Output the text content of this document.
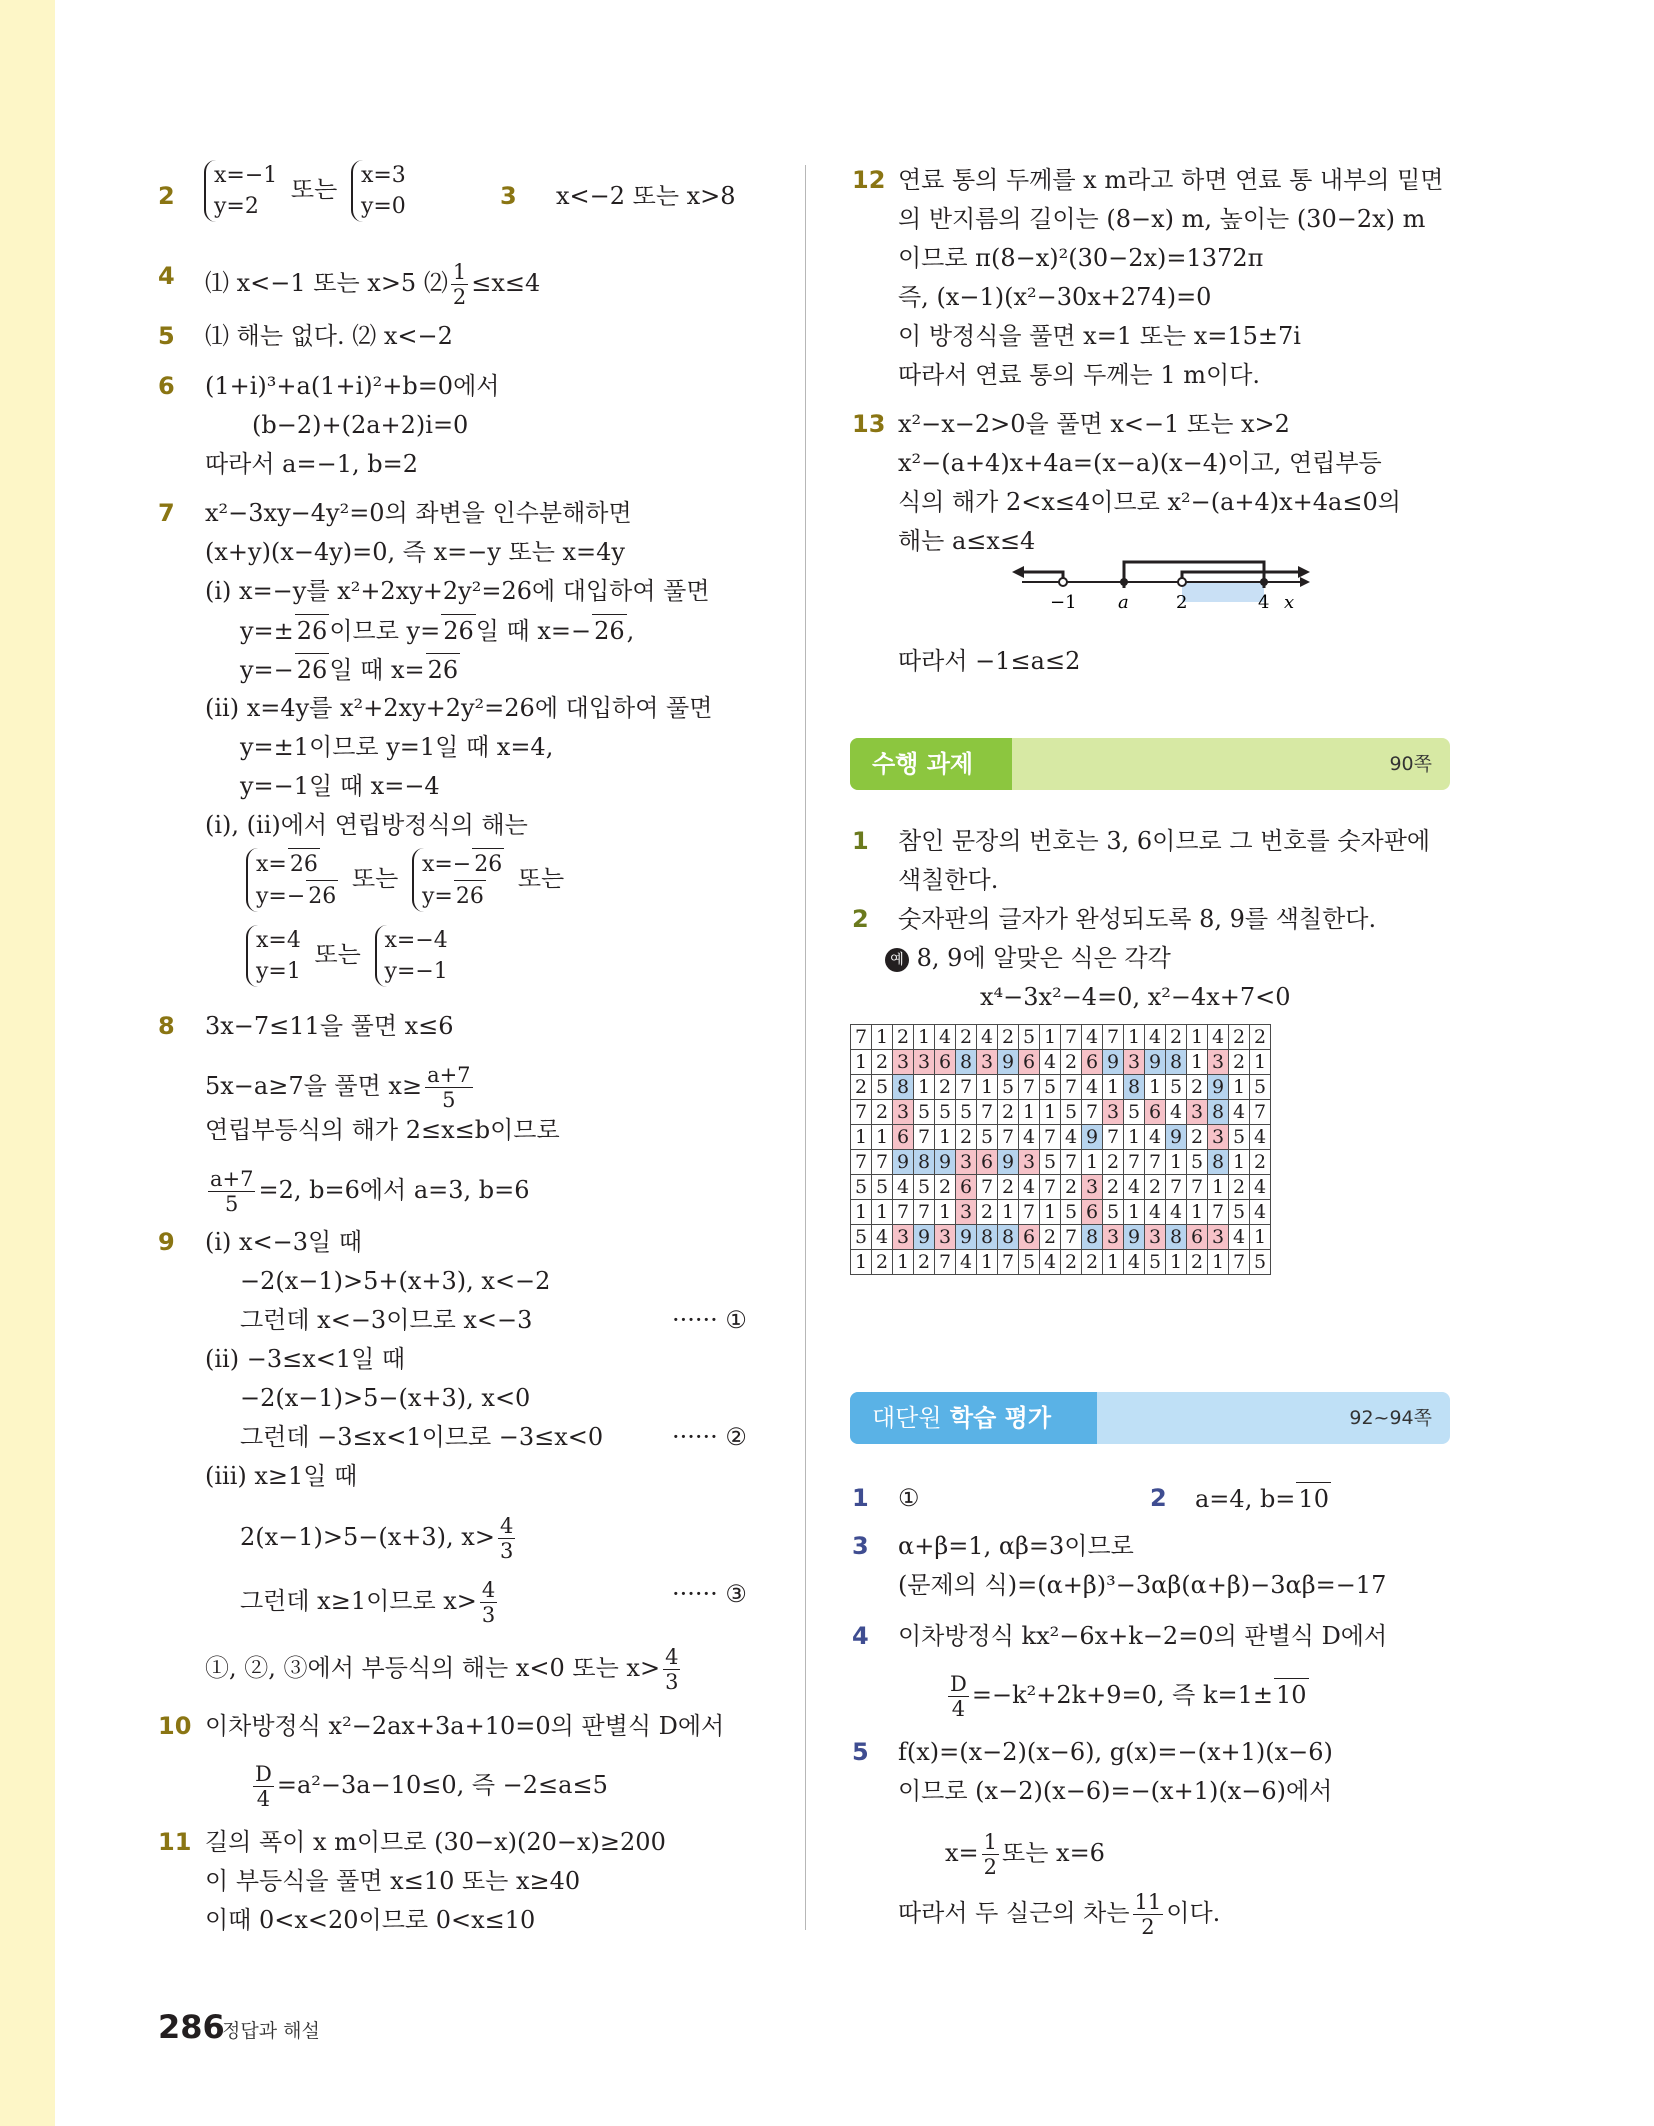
2
x=−1
y=2
또는 x=3
y=0	3 x<−2 또는 x>8
4 ⑴ x<−1 또는 x>5 ⑵ $\frac{1}{2} \le x\le 4$
5 ⑴ 해는 없다. ⑵ x<−2
6 (1+i)³+a(1+i)²+b=0에서
(b−2)+(2a+2)i=0
따라서 a=−1, b=2
7 x²−3xy−4y²=0의 좌변을 인수분해하면
(x+y)(x−4y)=0, 즉 x=−y 또는 x=4y
(i) x=−y를 x²+2xy+2y²=26에 대입하여 풀면
y=± 26이므로 y= 26일 때 x=− 26,
y=− 26일 때 x= 26
(ii) x=4y를 x²+2xy+2y²=26에 대입하여 풀면
y=±1이므로 y=1일 때 x=4,
y=−1일 때 x=−4
(i), (ii)에서 연립방정식의 해는
x= 26
y=− 26
또는 x=− 26
y= 26
또는
x=4
y=1
또는 x=−4
y=−1
8 3x−7≤11을 풀면 x≤6
5x−a≥7을 풀면 $x\ge \frac{a+7}{5}$
연립부등식의 해가 2≤x≤b이므로
$\frac{a+7}{5} =2$, b=6에서 a=3, b=6
9 (i) x<−3일 때
−2(x−1)>5+(x+3), x<−2
그런데 x<−3이므로 x<−3	······ ①
(ii) −3≤x<1일 때
−2(x−1)>5−(x+3), x<0
그런데 −3≤x<1이므로 −3≤x<0	······ ②
(iii) x≥1일 때
2(x−1)>5−(x+3), $x> \frac{4}{3}$
그런데 x≥1이므로 $x> \frac{4}{3}$	······ ③
①, ②, ③에서 부등식의 해는 x<0 또는 $x> \frac{4}{3}$
10 이차방정식 x²−2ax+3a+10=0의 판별식 D에서
$\frac{D}{4} =a^2-3a-10\le 0$, 즉 −2≤a≤5
11 길의 폭이 x m이므로 (30−x)(20−x)≥200
이 부등식을 풀면 x≤10 또는 x≥40
이때 0<x<20이므로 0<x≤10
12 연료 통의 두께를 x m라고 하면 연료 통 내부의 밑면
의 반지름의 길이는 (8−x) m, 높이는 (30−2x) m
이므로 π(8−x)²(30−2x)=1372π
즉, (x−1)(x²−30x+274)=0
이 방정식을 풀면 x=1 또는 x=15±7i
따라서 연료 통의 두께는 1 m이다.
13 x²−x−2>0을 풀면 x<−1 또는 x>2
x²−(a+4)x+4a=(x−a)(x−4)이고, 연립부등
식의 해가 2<x≤4이므로 x²−(a+4)x+4a≤0의
해는 a≤x≤4
−1 a	2	4 x
따라서 −1≤a≤2
수행 과제	90쪽
1 참인 문장의 번호는 3, 6이므로 그 번호를 숫자판에
색칠한다.
2 숫자판의 글자가 완성되도록 8, 9를 색칠한다.
예 8, 9에 알맞은 식은 각각
x⁴−3x²−4=0, x²−4x+7<0
7	1	2	1	4	2	4	2	5	1	7	4	7	1	4	2	1	4	2	2
1	2	3	3	6	8	3	9	6	4	2	6	9	3	9	8	1	3	2	1
2	5	8	1	2	7	1	5	7	5	7	4	1	8	1	5	2	9	1	5
7	2	3	5	5	5	7	2	1	1	5	7	3	5	6	4	3	8	4	7
1	1	6	7	1	2	5	7	4	7	4	9	7	1	4	9	2	3	5	4
7	7	9	8	9	3	6	9	3	5	7	1	2	7	7	1	5	8	1	2
5	5	4	5	2	6	7	2	4	7	2	3	2	4	2	7	7	1	2	4
1	1	7	7	1	3	2	1	7	1	5	6	5	1	4	4	1	7	5	4
5	4	3	9	3	9	8	8	6	2	7	8	3	9	3	8	6	3	4	1
1	2	1	2	7	4	1	7	5	4	2	2	1	4	5	1	2	1	7	5
대단원 학습 평가	92~94쪽
1 ①	2 a=4, b= 10
3 α+β=1, αβ=3이므로
(문제의 식)=(α+β)³−3αβ(α+β)−3αβ=−17
4 이차방정식 kx²−6x+k−2=0의 판별식 D에서
$\frac{D}{4} =-k^2+2k+9=0$, 즉 k=1± 10
5 f(x)=(x−2)(x−6), g(x)=−(x+1)(x−6)
이므로 (x−2)(x−6)=−(x+1)(x−6)에서
$x= \frac{1}{2}$ 또는 x=6
따라서 두 실근의 차는 $\frac{11}{2}$ 이다.
286
정답과 해설
